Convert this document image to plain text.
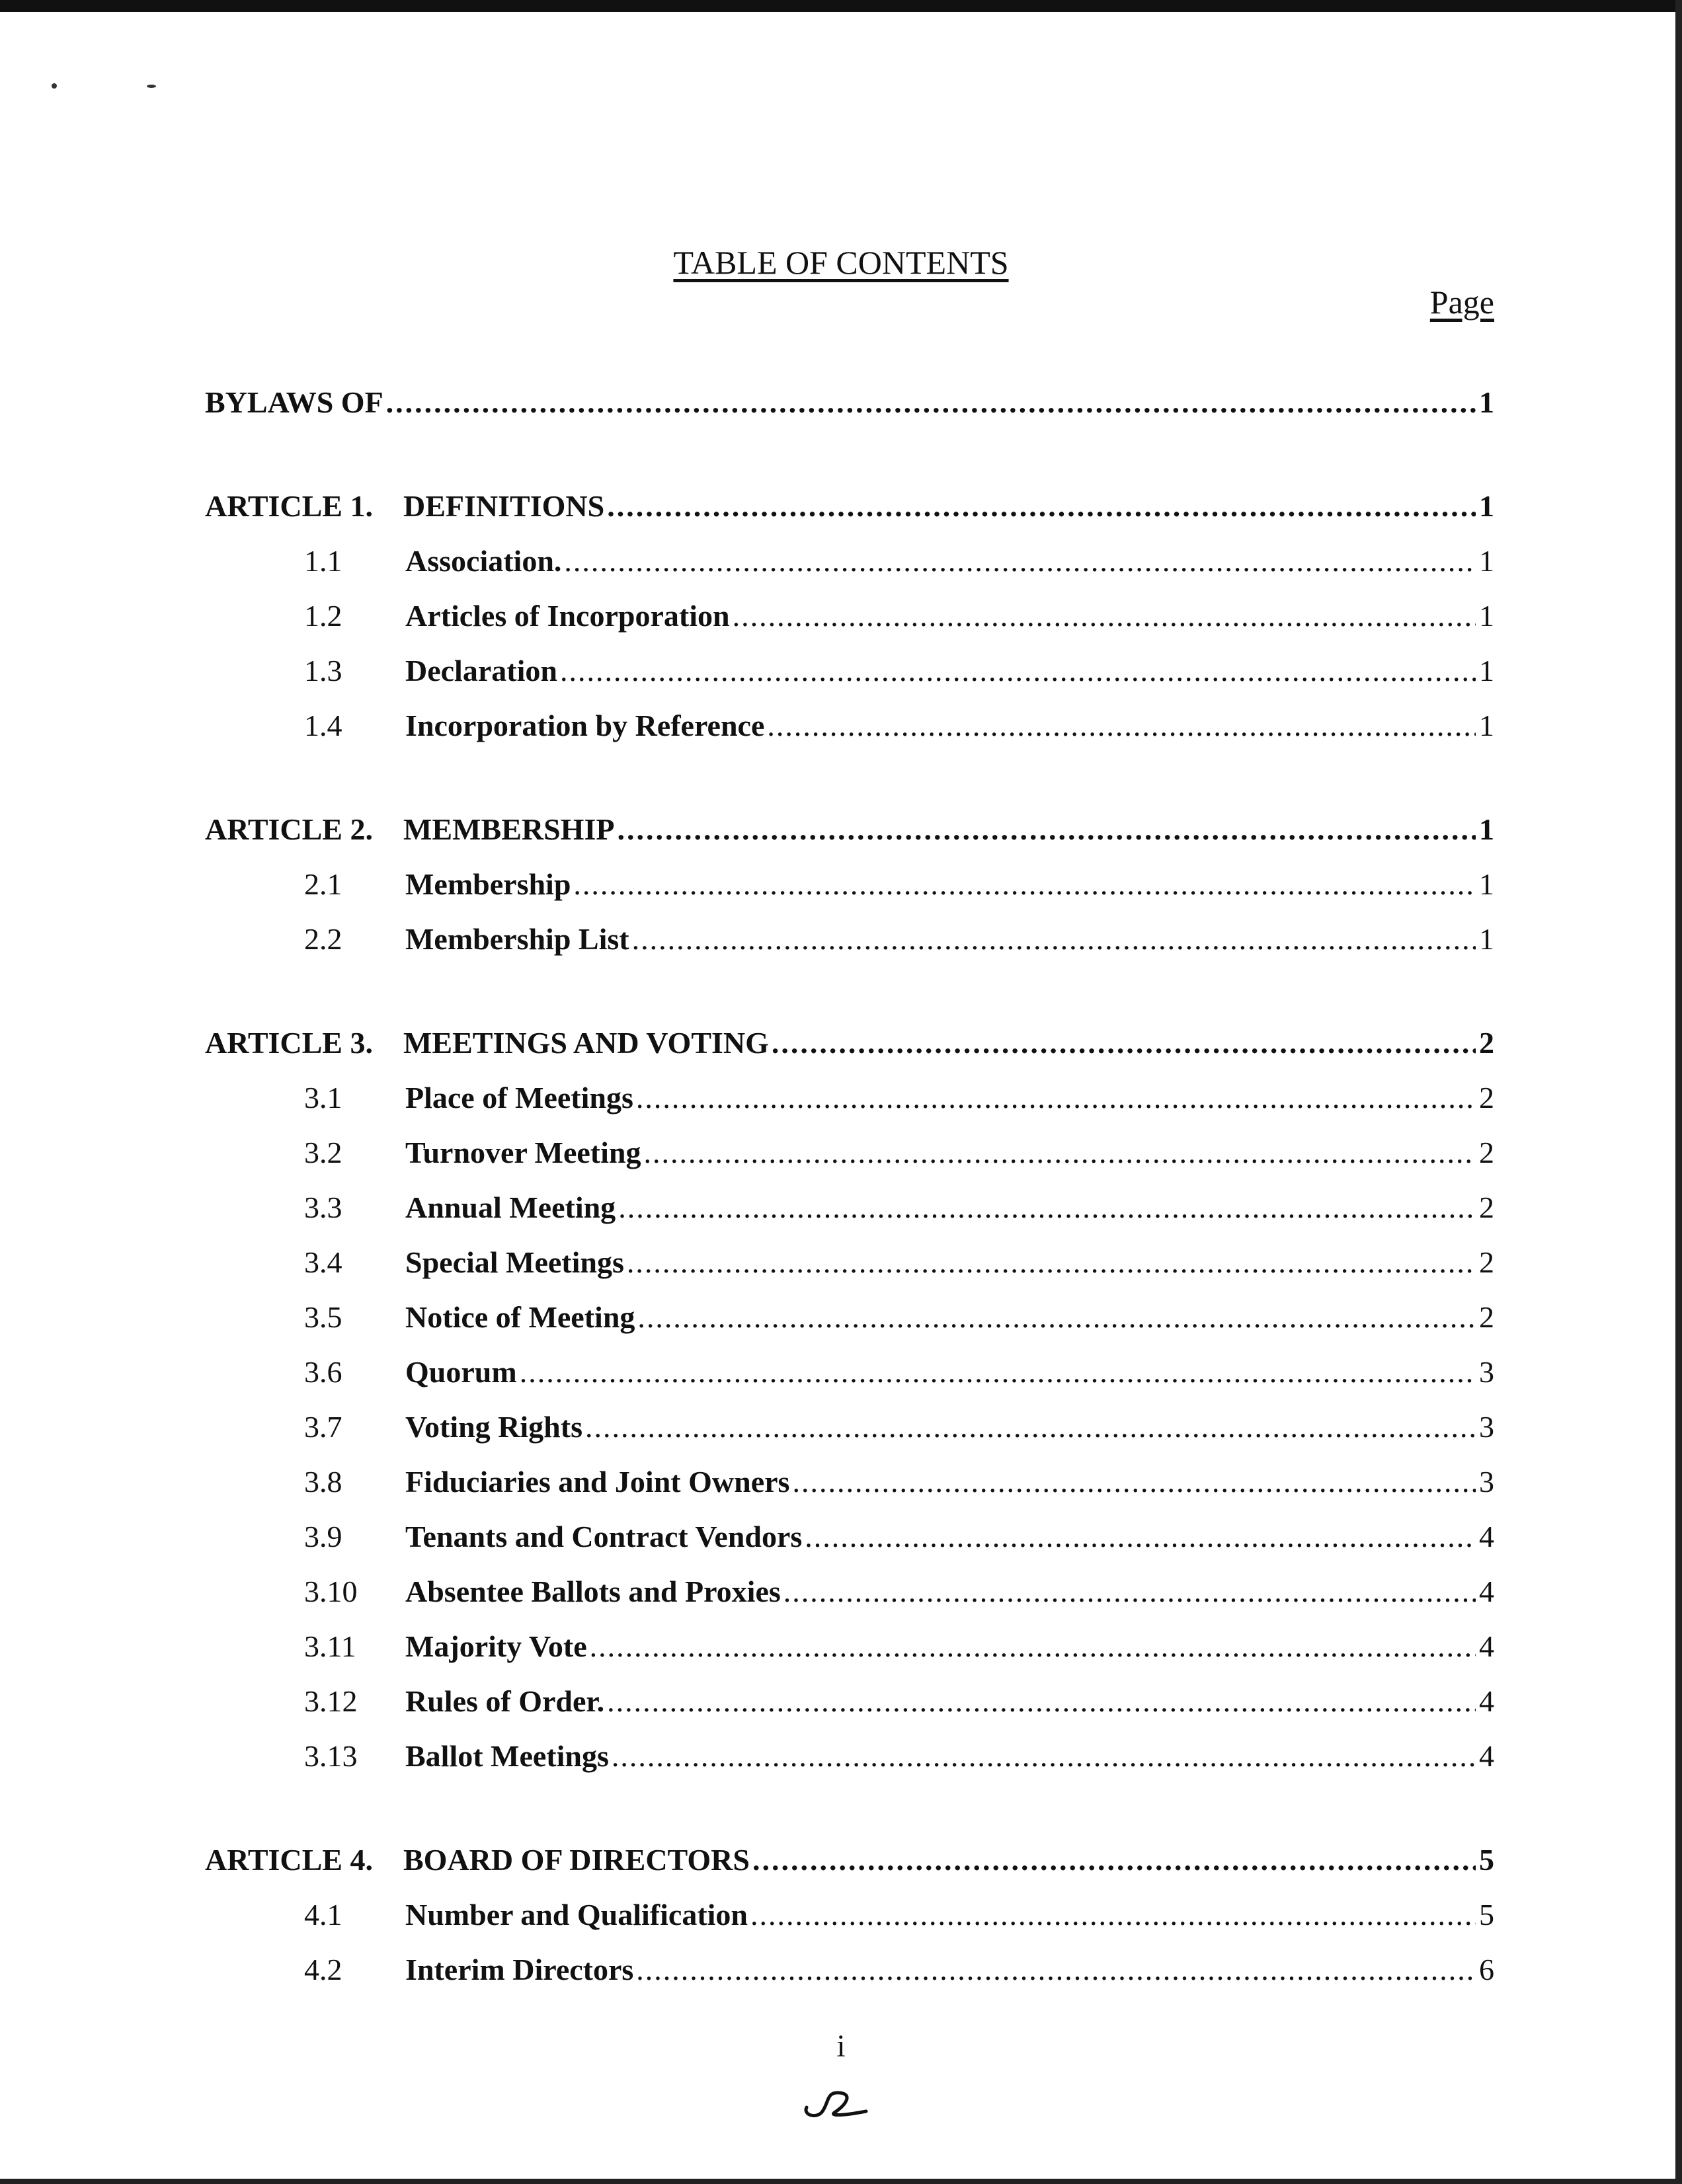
TABLE OF CONTENTS
Page
BYLAWS OF .....	1
ARTICLE 1.	DEFINITIONS .....	1
1.1	Association. .....	1
1.2	Articles of Incorporation .....	1
1.3	Declaration .....	1
1.4	Incorporation by Reference .....	1
ARTICLE 2.	MEMBERSHIP .....	1
2.1	Membership .....	1
2.2	Membership List .....	1
ARTICLE 3.	MEETINGS AND VOTING .....	2
3.1	Place of Meetings .....	2
3.2	Turnover Meeting .....	2
3.3	Annual Meeting .....	2
3.4	Special Meetings .....	2
3.5	Notice of Meeting .....	2
3.6	Quorum .....	3
3.7	Voting Rights .....	3
3.8	Fiduciaries and Joint Owners .....	3
3.9	Tenants and Contract Vendors .....	4
3.10	Absentee Ballots and Proxies .....	4
3.11	Majority Vote .....	4
3.12	Rules of Order. .....	4
3.13	Ballot Meetings .....	4
ARTICLE 4.	BOARD OF DIRECTORS .....	5
4.1	Number and Qualification .....	5
4.2	Interim Directors .....	6
i
